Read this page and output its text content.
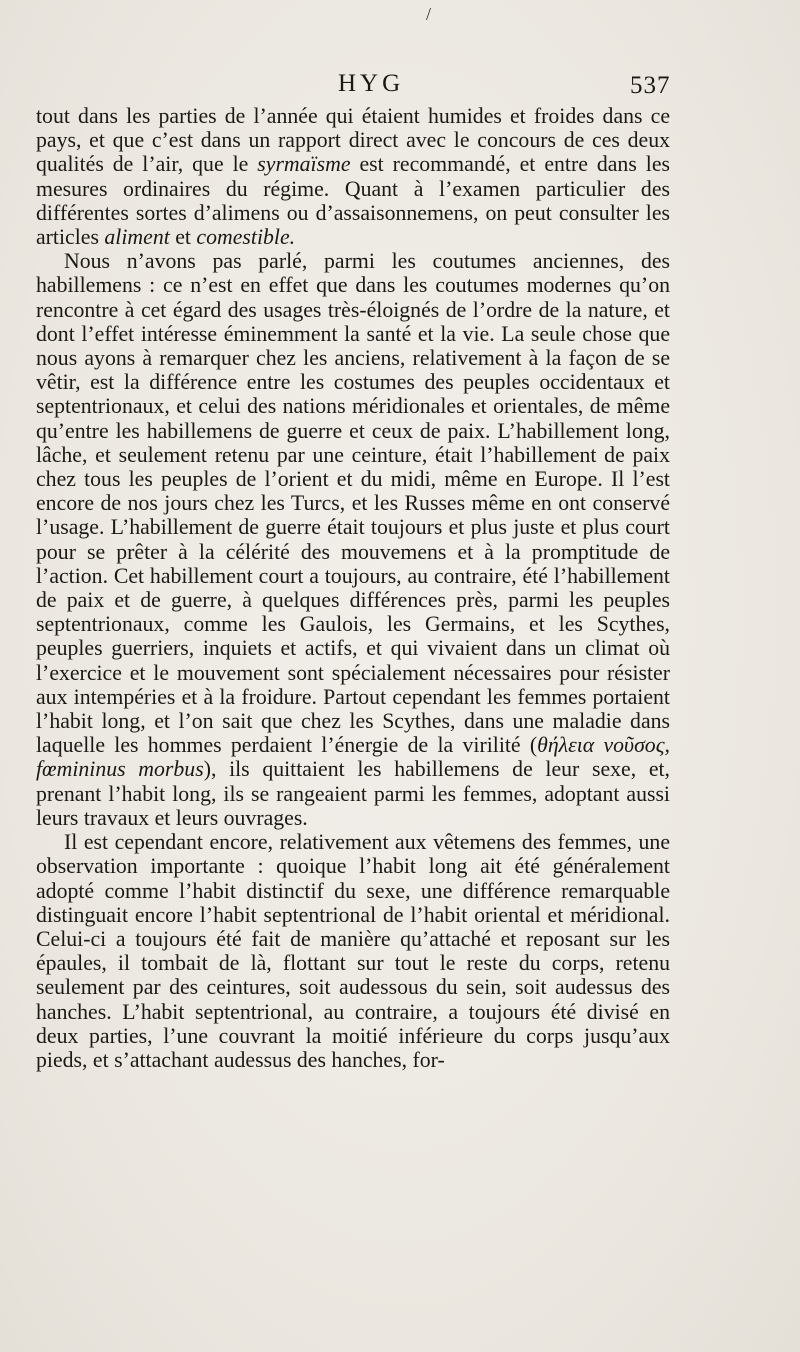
/
HYG	537

tout dans les parties de l’année qui étaient humides et froides dans ce pays, et que c’est dans un rapport direct avec le concours de ces deux qualités de l’air, que le syrmaïsme est recommandé, et entre dans les mesures ordinaires du régime. Quant à l’examen particulier des différentes sortes d’alimens ou d’assaisonnemens, on peut consulter les articles aliment et comestible.

Nous n’avons pas parlé, parmi les coutumes anciennes, des habillemens : ce n’est en effet que dans les coutumes modernes qu’on rencontre à cet égard des usages très-éloignés de l’ordre de la nature, et dont l’effet intéresse éminemment la santé et la vie. La seule chose que nous ayons à remarquer chez les anciens, relativement à la façon de se vêtir, est la différence entre les costumes des peuples occidentaux et septentrionaux, et celui des nations méridionales et orientales, de même qu’entre les habillemens de guerre et ceux de paix. L’habillement long, lâche, et seulement retenu par une ceinture, était l’habillement de paix chez tous les peuples de l’orient et du midi, même en Europe. Il l’est encore de nos jours chez les Turcs, et les Russes même en ont conservé l’usage. L’habillement de guerre était toujours et plus juste et plus court pour se prêter à la célérité des mouvemens et à la promptitude de l’action. Cet habillement court a toujours, au contraire, été l’habillement de paix et de guerre, à quelques différences près, parmi les peuples septentrionaux, comme les Gaulois, les Germains, et les Scythes, peuples guerriers, inquiets et actifs, et qui vivaient dans un climat où l’exercice et le mouvement sont spécialement nécessaires pour résister aux intempéries et à la froidure. Partout cependant les femmes portaient l’habit long, et l’on sait que chez les Scythes, dans une maladie dans laquelle les hommes perdaient l’énergie de la virilité (θήλεια νοῦσος, fœmininus morbus), ils quittaient les habillemens de leur sexe, et, prenant l’habit long, ils se rangeaient parmi les femmes, adoptant aussi leurs travaux et leurs ouvrages.

Il est cependant encore, relativement aux vêtemens des femmes, une observation importante : quoique l’habit long ait été généralement adopté comme l’habit distinctif du sexe, une différence remarquable distinguait encore l’habit septentrional de l’habit oriental et méridional. Celui-ci a toujours été fait de manière qu’attaché et reposant sur les épaules, il tombait de là, flottant sur tout le reste du corps, retenu seulement par des ceintures, soit audessous du sein, soit audessus des hanches. L’habit septentrional, au contraire, a toujours été divisé en deux parties, l’une couvrant la moitié inférieure du corps jusqu’aux pieds, et s’attachant audessus des hanches, for-
